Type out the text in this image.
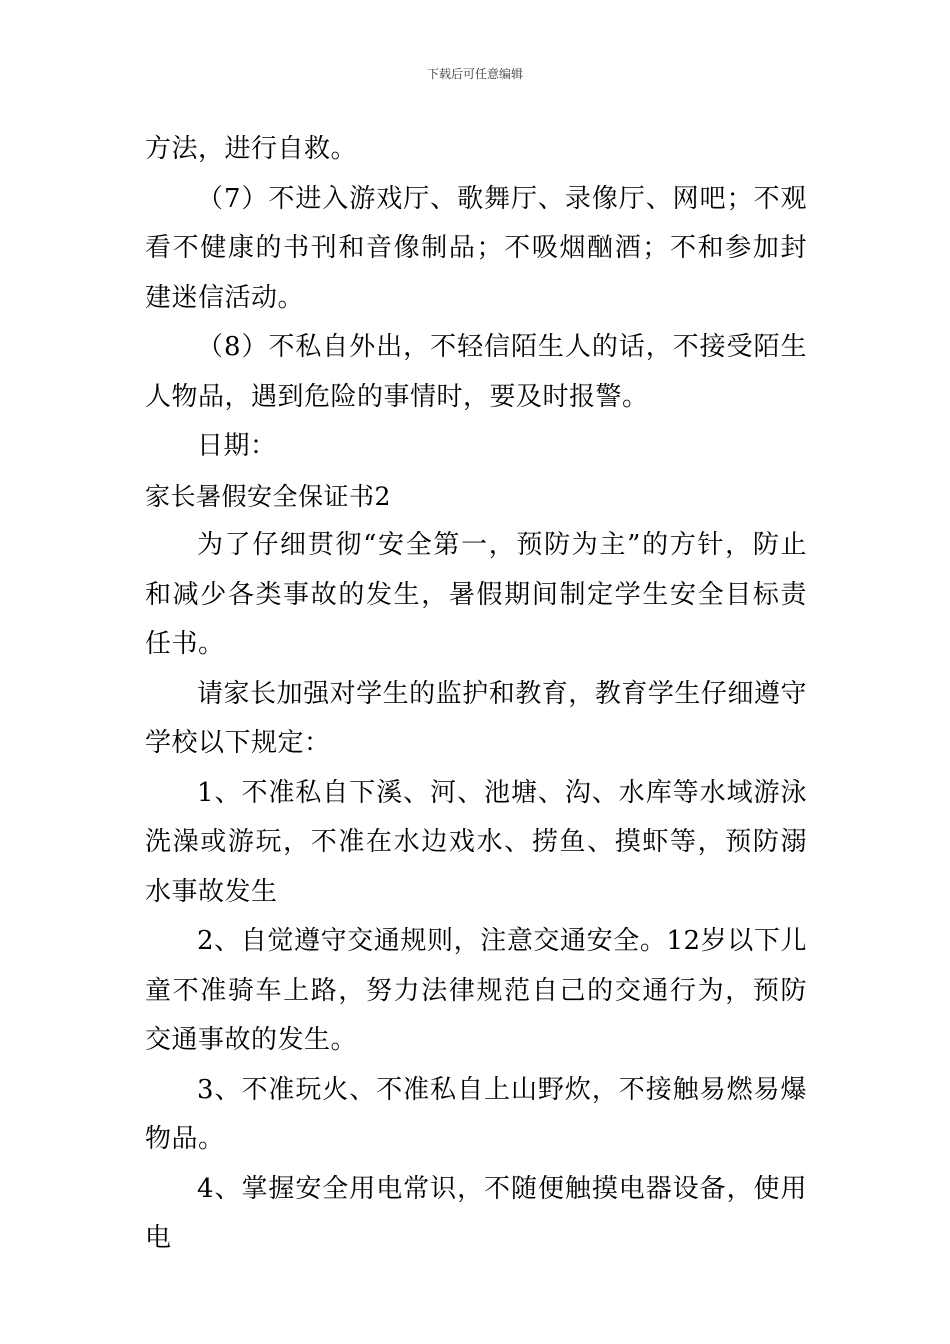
下载后可任意编辑

方法，进行自救。

（7）不进入游戏厅、歌舞厅、录像厅、网吧；不观看不健康的书刊和音像制品；不吸烟酗酒；不和参加封建迷信活动。

（8）不私自外出，不轻信陌生人的话，不接受陌生人物品，遇到危险的事情时，要及时报警。

日期：

家长暑假安全保证书2

为了仔细贯彻“安全第一，预防为主”的方针，防止和减少各类事故的发生，暑假期间制定学生安全目标责任书。

请家长加强对学生的监护和教育，教育学生仔细遵守学校以下规定：

1、不准私自下溪、河、池塘、沟、水库等水域游泳洗澡或游玩，不准在水边戏水、捞鱼、摸虾等，预防溺水事故发生

2、自觉遵守交通规则，注意交通安全。12岁以下儿童不准骑车上路，努力法律规范自己的交通行为，预防交通事故的发生。

3、不准玩火、不准私自上山野炊，不接触易燃易爆物品。

4、掌握安全用电常识，不随便触摸电器设备，使用电
